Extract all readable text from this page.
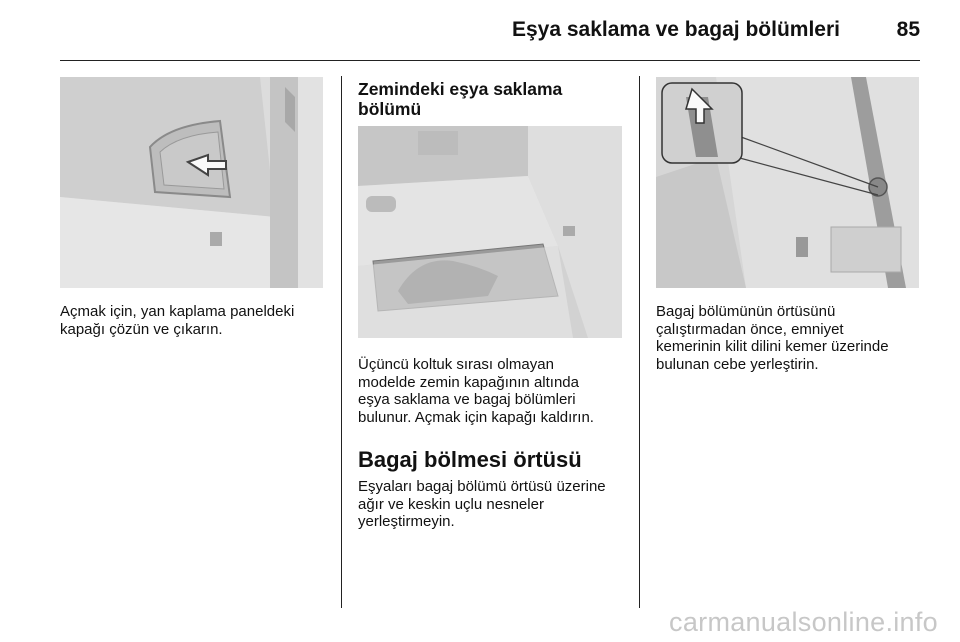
Eşya saklama ve bagaj bölümleri	85
Açmak için, yan kaplama paneldeki
kapağı çözün ve çıkarın.
Zemindeki eşya saklama
bölümü
Üçüncü koltuk sırası olmayan
modelde zemin kapağının altında
eşya saklama ve bagaj bölümleri
bulunur. Açmak için kapağı kaldırın.
Bagaj bölmesi örtüsü
Eşyaları bagaj bölümü örtüsü üzerine
ağır ve keskin uçlu nesneler
yerleştirmeyin.
Bagaj bölümünün örtüsünü
çalıştırmadan önce, emniyet
kemerinin kilit dilini kemer üzerinde
bulunan cebe yerleştirin.
carmanualsonline.info
